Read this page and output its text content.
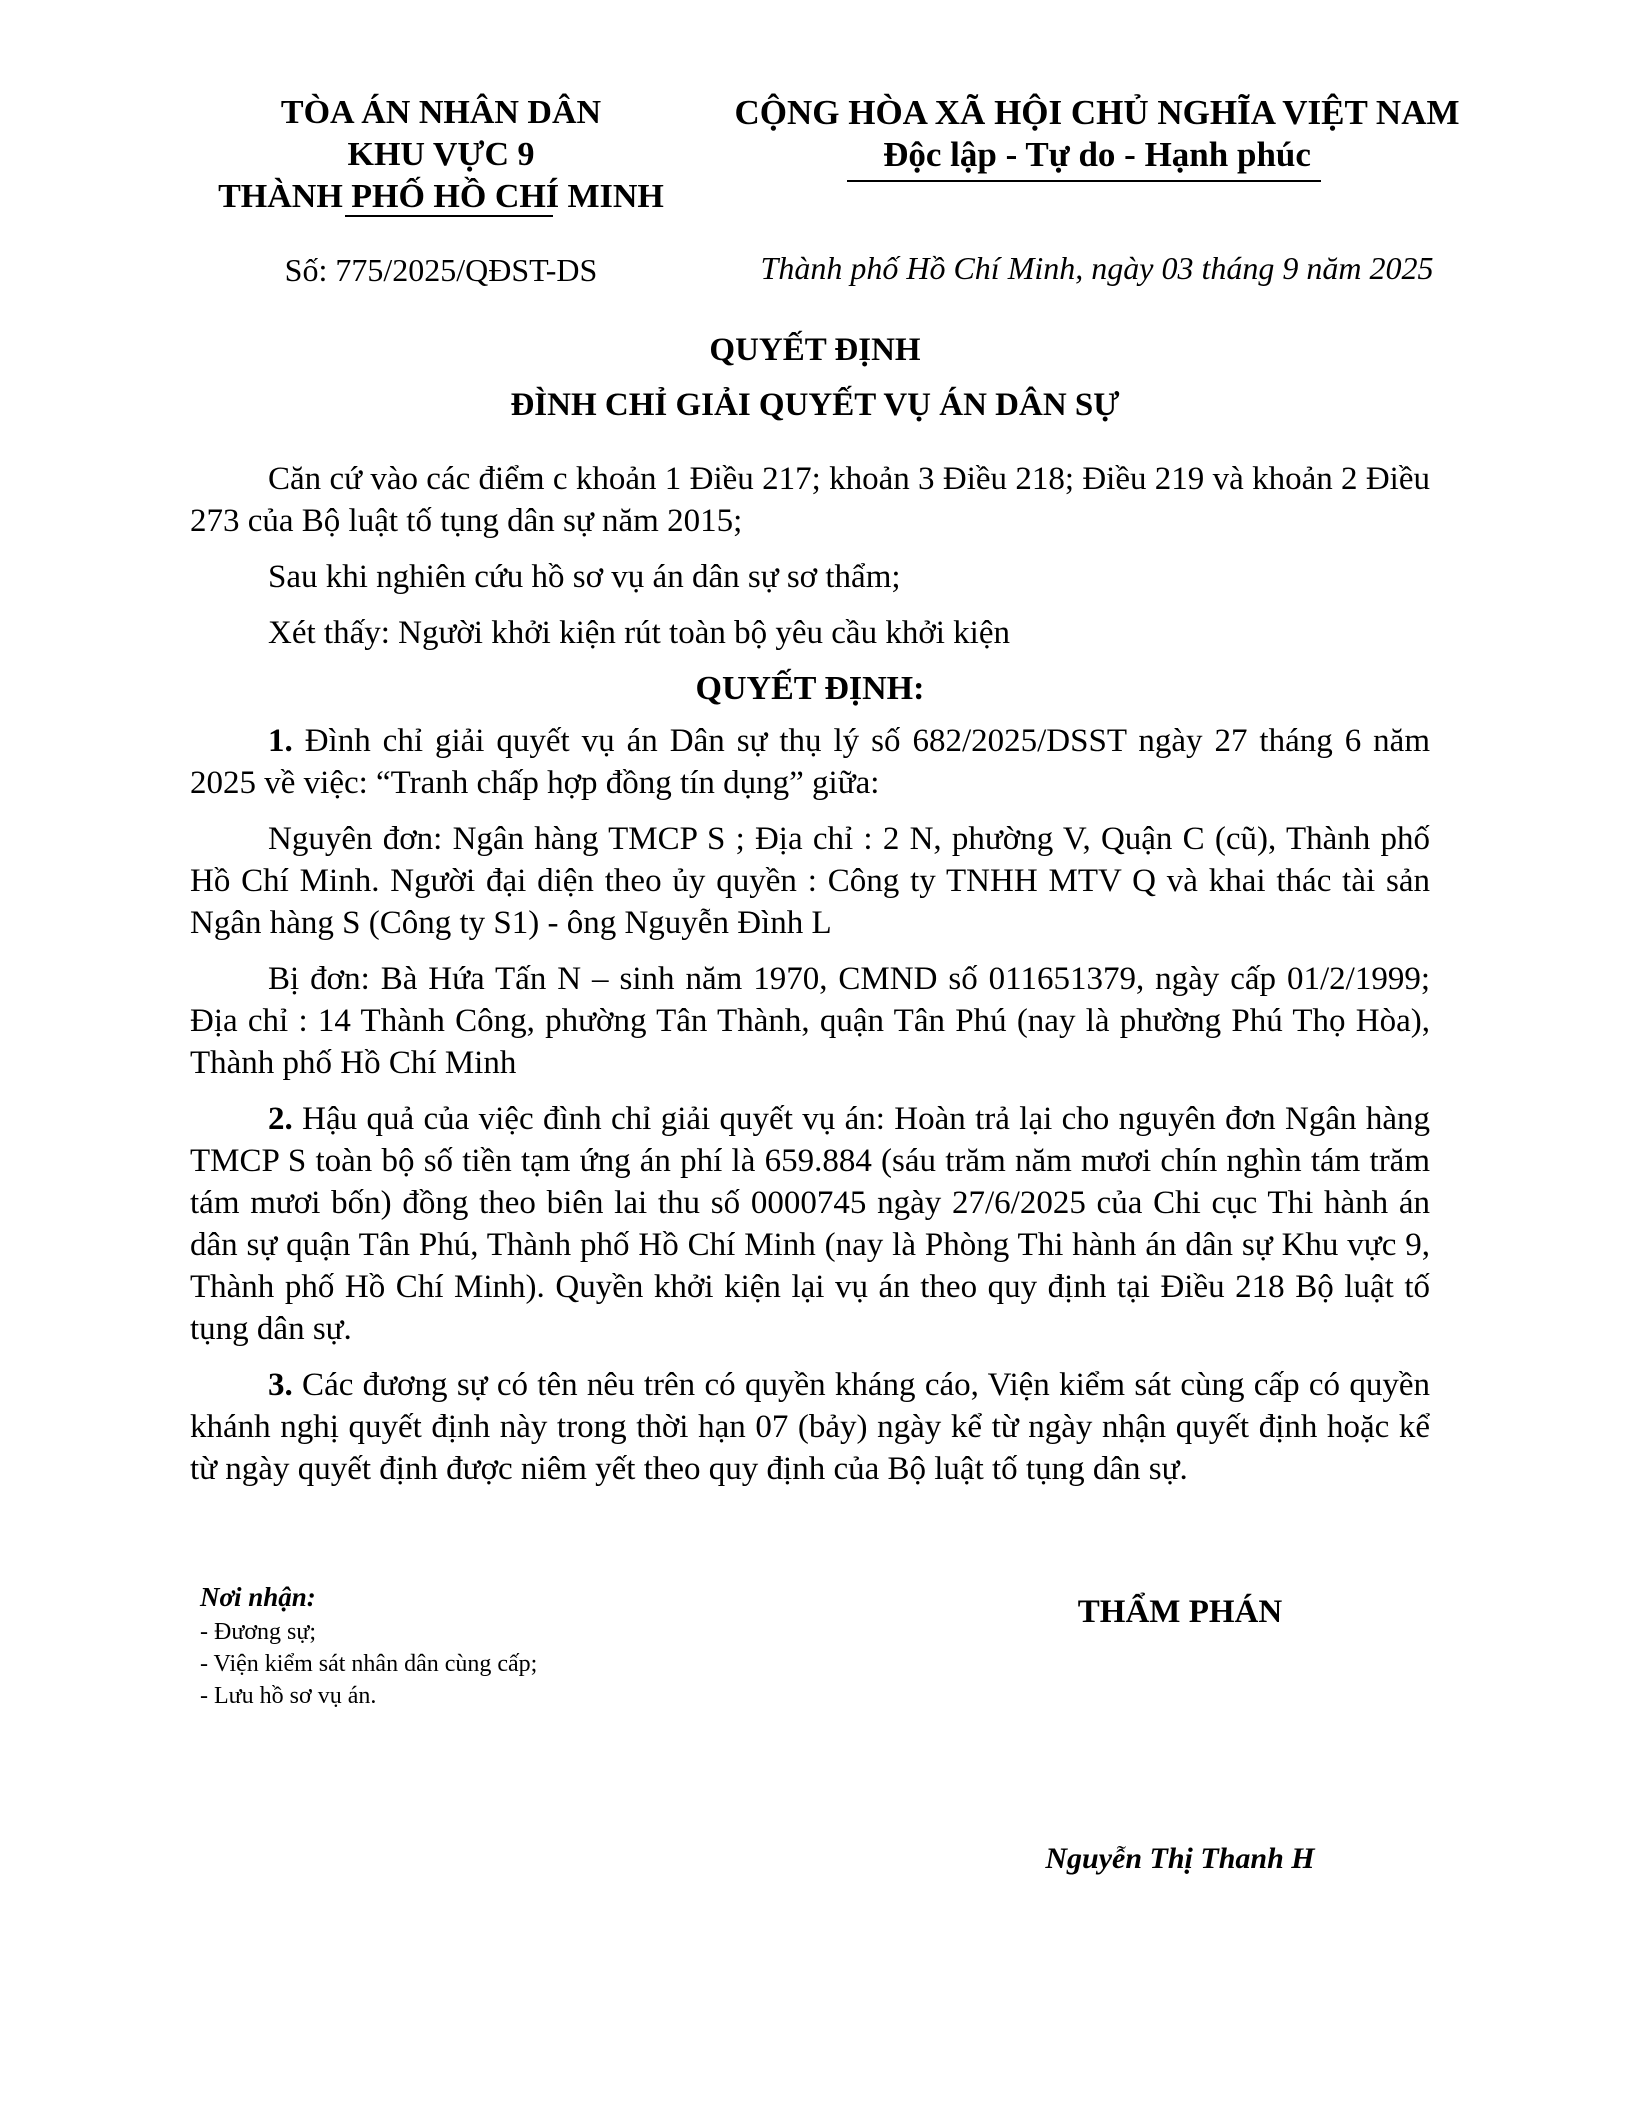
TÒA ÁN NHÂN DÂN
KHU VỰC 9
THÀNH PHỐ HỒ CHÍ MINH
CỘNG HÒA XÃ HỘI CHỦ NGHĨA VIỆT NAM
Độc lập - Tự do - Hạnh phúc
Số: 775/2025/QĐST-DS	Thành phố Hồ Chí Minh, ngày 03 tháng 9 năm 2025
QUYẾT ĐỊNH
ĐÌNH CHỈ GIẢI QUYẾT VỤ ÁN DÂN SỰ

Căn cứ vào các điểm c khoản 1 Điều 217; khoản 3 Điều 218; Điều 219 và khoản 2 Điều 273 của Bộ luật tố tụng dân sự năm 2015;

Sau khi nghiên cứu hồ sơ vụ án dân sự sơ thẩm;

Xét thấy: Người khởi kiện rút toàn bộ yêu cầu khởi kiện

QUYẾT ĐỊNH:

1. Đình chỉ giải quyết vụ án Dân sự thụ lý số 682/2025/DSST ngày 27 tháng 6 năm 2025 về việc: “Tranh chấp hợp đồng tín dụng” giữa:

Nguyên đơn: Ngân hàng TMCP S ; Địa chỉ : 2 N, phường V, Quận C (cũ), Thành phố Hồ Chí Minh. Người đại diện theo ủy quyền : Công ty TNHH MTV Q và khai thác tài sản Ngân hàng S (Công ty S1) - ông Nguyễn Đình L

Bị đơn: Bà Hứa Tấn N – sinh năm 1970, CMND số 011651379, ngày cấp 01/2/1999; Địa chỉ : 14 Thành Công, phường Tân Thành, quận Tân Phú (nay là phường Phú Thọ Hòa), Thành phố Hồ Chí Minh

2. Hậu quả của việc đình chỉ giải quyết vụ án: Hoàn trả lại cho nguyên đơn Ngân hàng TMCP S toàn bộ số tiền tạm ứng án phí là 659.884 (sáu trăm năm mươi chín nghìn tám trăm tám mươi bốn) đồng theo biên lai thu số 0000745 ngày 27/6/2025 của Chi cục Thi hành án dân sự quận Tân Phú, Thành phố Hồ Chí Minh (nay là Phòng Thi hành án dân sự Khu vực 9, Thành phố Hồ Chí Minh). Quyền khởi kiện lại vụ án theo quy định tại Điều 218 Bộ luật tố tụng dân sự.

3. Các đương sự có tên nêu trên có quyền kháng cáo, Viện kiểm sát cùng cấp có quyền khánh nghị quyết định này trong thời hạn 07 (bảy) ngày kể từ ngày nhận quyết định hoặc kể từ ngày quyết định được niêm yết theo quy định của Bộ luật tố tụng dân sự.

Nơi nhận:
- Đương sự;
- Viện kiểm sát nhân dân cùng cấp;
- Lưu hồ sơ vụ án.
THẨM PHÁN
Nguyễn Thị Thanh H
